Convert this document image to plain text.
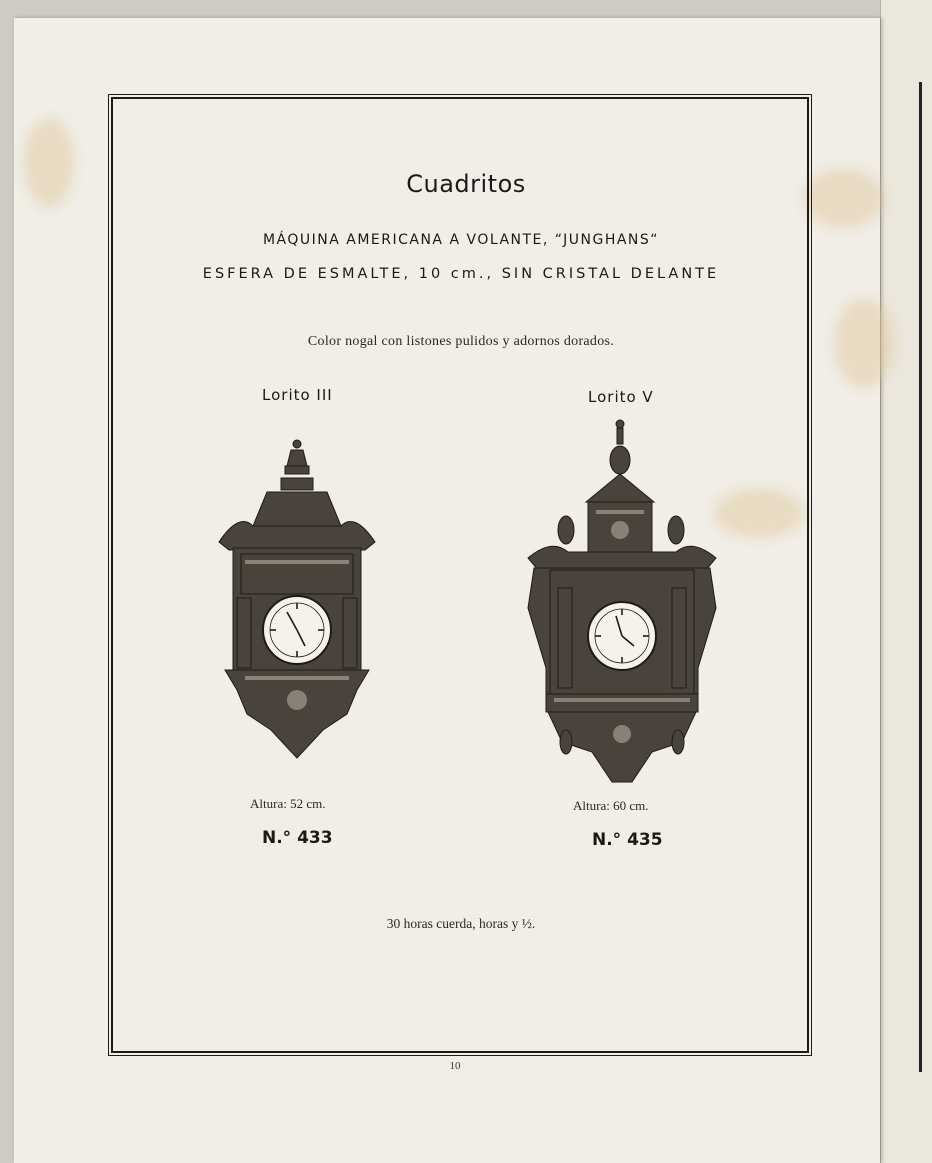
Cuadritos
MÁQUINA AMERICANA A VOLANTE, “JUNGHANS“
ESFERA DE ESMALTE, 10 cm., SIN CRISTAL DELANTE
Color nogal con listones pulidos y adornos dorados.
Lorito III
Altura: 52 cm.
N.° 433
Lorito V
Altura: 60 cm.
N.° 435
30 horas cuerda, horas y ½.
10
